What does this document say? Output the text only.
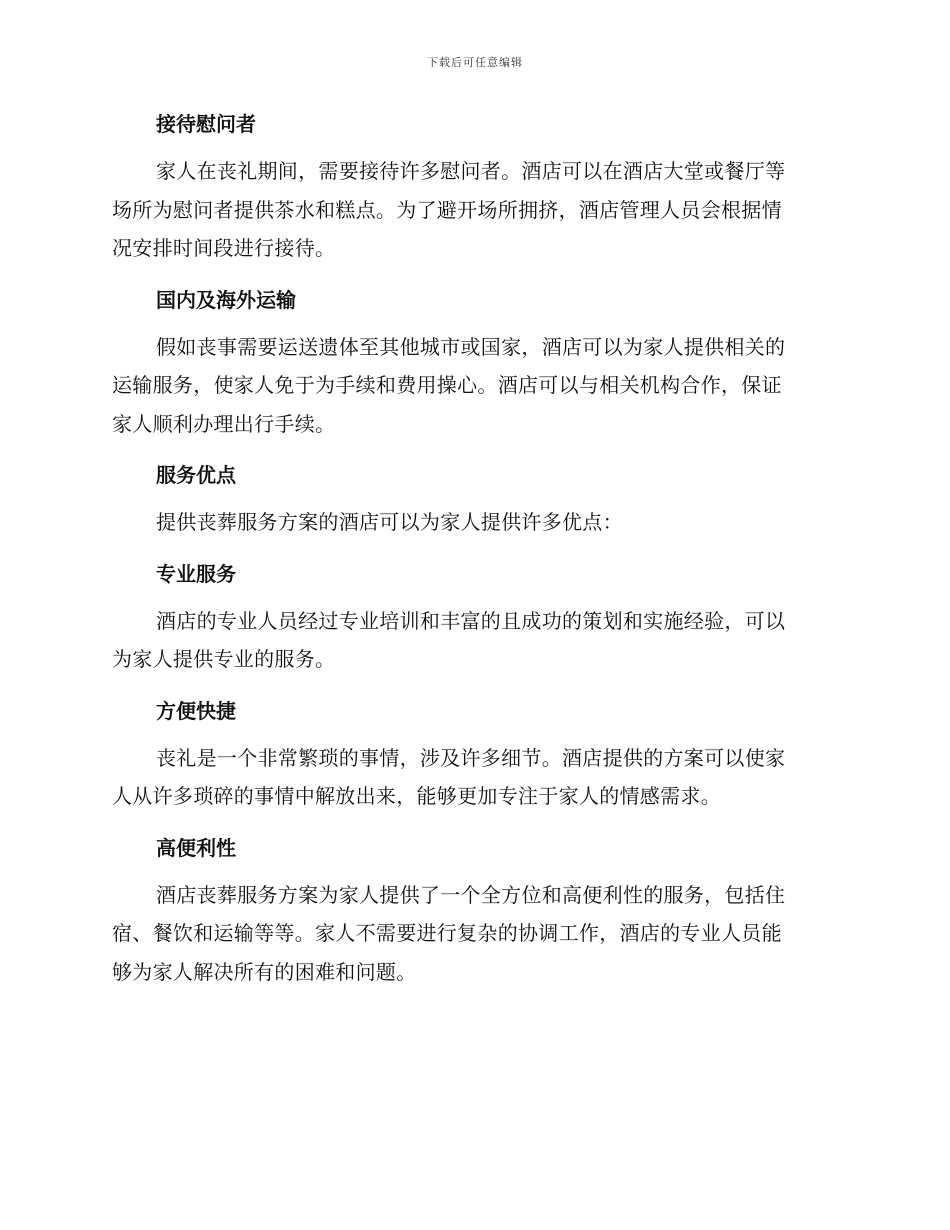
下载后可任意编辑
接待慰问者
家人在丧礼期间，需要接待许多慰问者。酒店可以在酒店大堂或餐厅等
场所为慰问者提供茶水和糕点。为了避开场所拥挤，酒店管理人员会根据情
况安排时间段进行接待。
国内及海外运输
假如丧事需要运送遗体至其他城市或国家，酒店可以为家人提供相关的
运输服务，使家人免于为手续和费用操心。酒店可以与相关机构合作，保证
家人顺利办理出行手续。
服务优点
提供丧葬服务方案的酒店可以为家人提供许多优点：
专业服务
酒店的专业人员经过专业培训和丰富的且成功的策划和实施经验，可以
为家人提供专业的服务。
方便快捷
丧礼是一个非常繁琐的事情，涉及许多细节。酒店提供的方案可以使家
人从许多琐碎的事情中解放出来，能够更加专注于家人的情感需求。
高便利性
酒店丧葬服务方案为家人提供了一个全方位和高便利性的服务，包括住
宿、餐饮和运输等等。家人不需要进行复杂的协调工作，酒店的专业人员能
够为家人解决所有的困难和问题。
